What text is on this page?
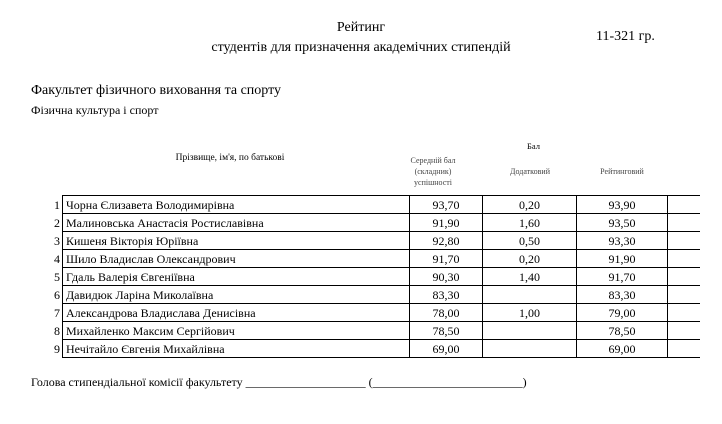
Рейтинг
студентів для призначення академічних стипендій
11-321 гр.
Факультет фізичного виховання та спорту
Фізична культура і спорт
Прізвище, ім'я, по батькові
Бал
Середній бал (складник) успішності
Додатковий	Рейтинговий
1	Чорна Єлизавета Володимирівна	93,70	0,20	93,90	
2	Малиновська Анастасія Ростиславівна	91,90	1,60	93,50	
3	Кишеня Вікторія Юріївна	92,80	0,50	93,30	
4	Шило Владислав Олександрович	91,70	0,20	91,90	
5	Гдаль Валерія Євгеніївна	90,30	1,40	91,70	
6	Давидюк Ларіна Миколаївна	83,30		83,30	
7	Александрова Владислава Денисівна	78,00	1,00	79,00	
8	Михайленко Максим Сергійович	78,50		78,50	
9	Нечітайло Євгенія Михайлівна	69,00		69,00	
Голова стипендіальної комісії факультету ____________________ (_________________________)
